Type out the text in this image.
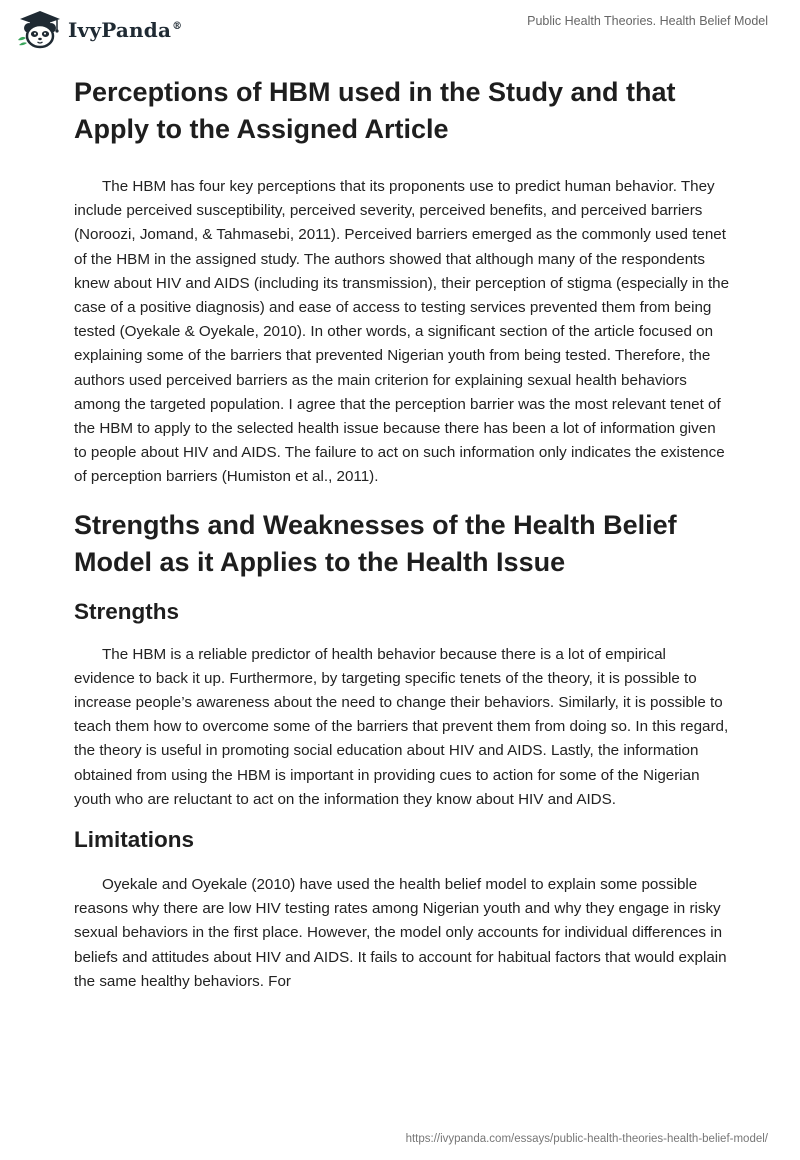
IvyPanda®	Public Health Theories. Health Belief Model
Perceptions of HBM used in the Study and that Apply to the Assigned Article

The HBM has four key perceptions that its proponents use to predict human behavior. They include perceived susceptibility, perceived severity, perceived benefits, and perceived barriers (Noroozi, Jomand, & Tahmasebi, 2011). Perceived barriers emerged as the commonly used tenet of the HBM in the assigned study. The authors showed that although many of the respondents knew about HIV and AIDS (including its transmission), their perception of stigma (especially in the case of a positive diagnosis) and ease of access to testing services prevented them from being tested (Oyekale & Oyekale, 2010). In other words, a significant section of the article focused on explaining some of the barriers that prevented Nigerian youth from being tested. Therefore, the authors used perceived barriers as the main criterion for explaining sexual health behaviors among the targeted population. I agree that the perception barrier was the most relevant tenet of the HBM to apply to the selected health issue because there has been a lot of information given to people about HIV and AIDS. The failure to act on such information only indicates the existence of perception barriers (Humiston et al., 2011).

Strengths and Weaknesses of the Health Belief Model as it Applies to the Health Issue
Strengths

The HBM is a reliable predictor of health behavior because there is a lot of empirical evidence to back it up. Furthermore, by targeting specific tenets of the theory, it is possible to increase people’s awareness about the need to change their behaviors. Similarly, it is possible to teach them how to overcome some of the barriers that prevent them from doing so. In this regard, the theory is useful in promoting social education about HIV and AIDS. Lastly, the information obtained from using the HBM is important in providing cues to action for some of the Nigerian youth who are reluctant to act on the information they know about HIV and AIDS.

Limitations

Oyekale and Oyekale (2010) have used the health belief model to explain some possible reasons why there are low HIV testing rates among Nigerian youth and why they engage in risky sexual behaviors in the first place. However, the model only accounts for individual differences in beliefs and attitudes about HIV and AIDS. It fails to account for habitual factors that would explain the same healthy behaviors. For

https://ivypanda.com/essays/public-health-theories-health-belief-model/
